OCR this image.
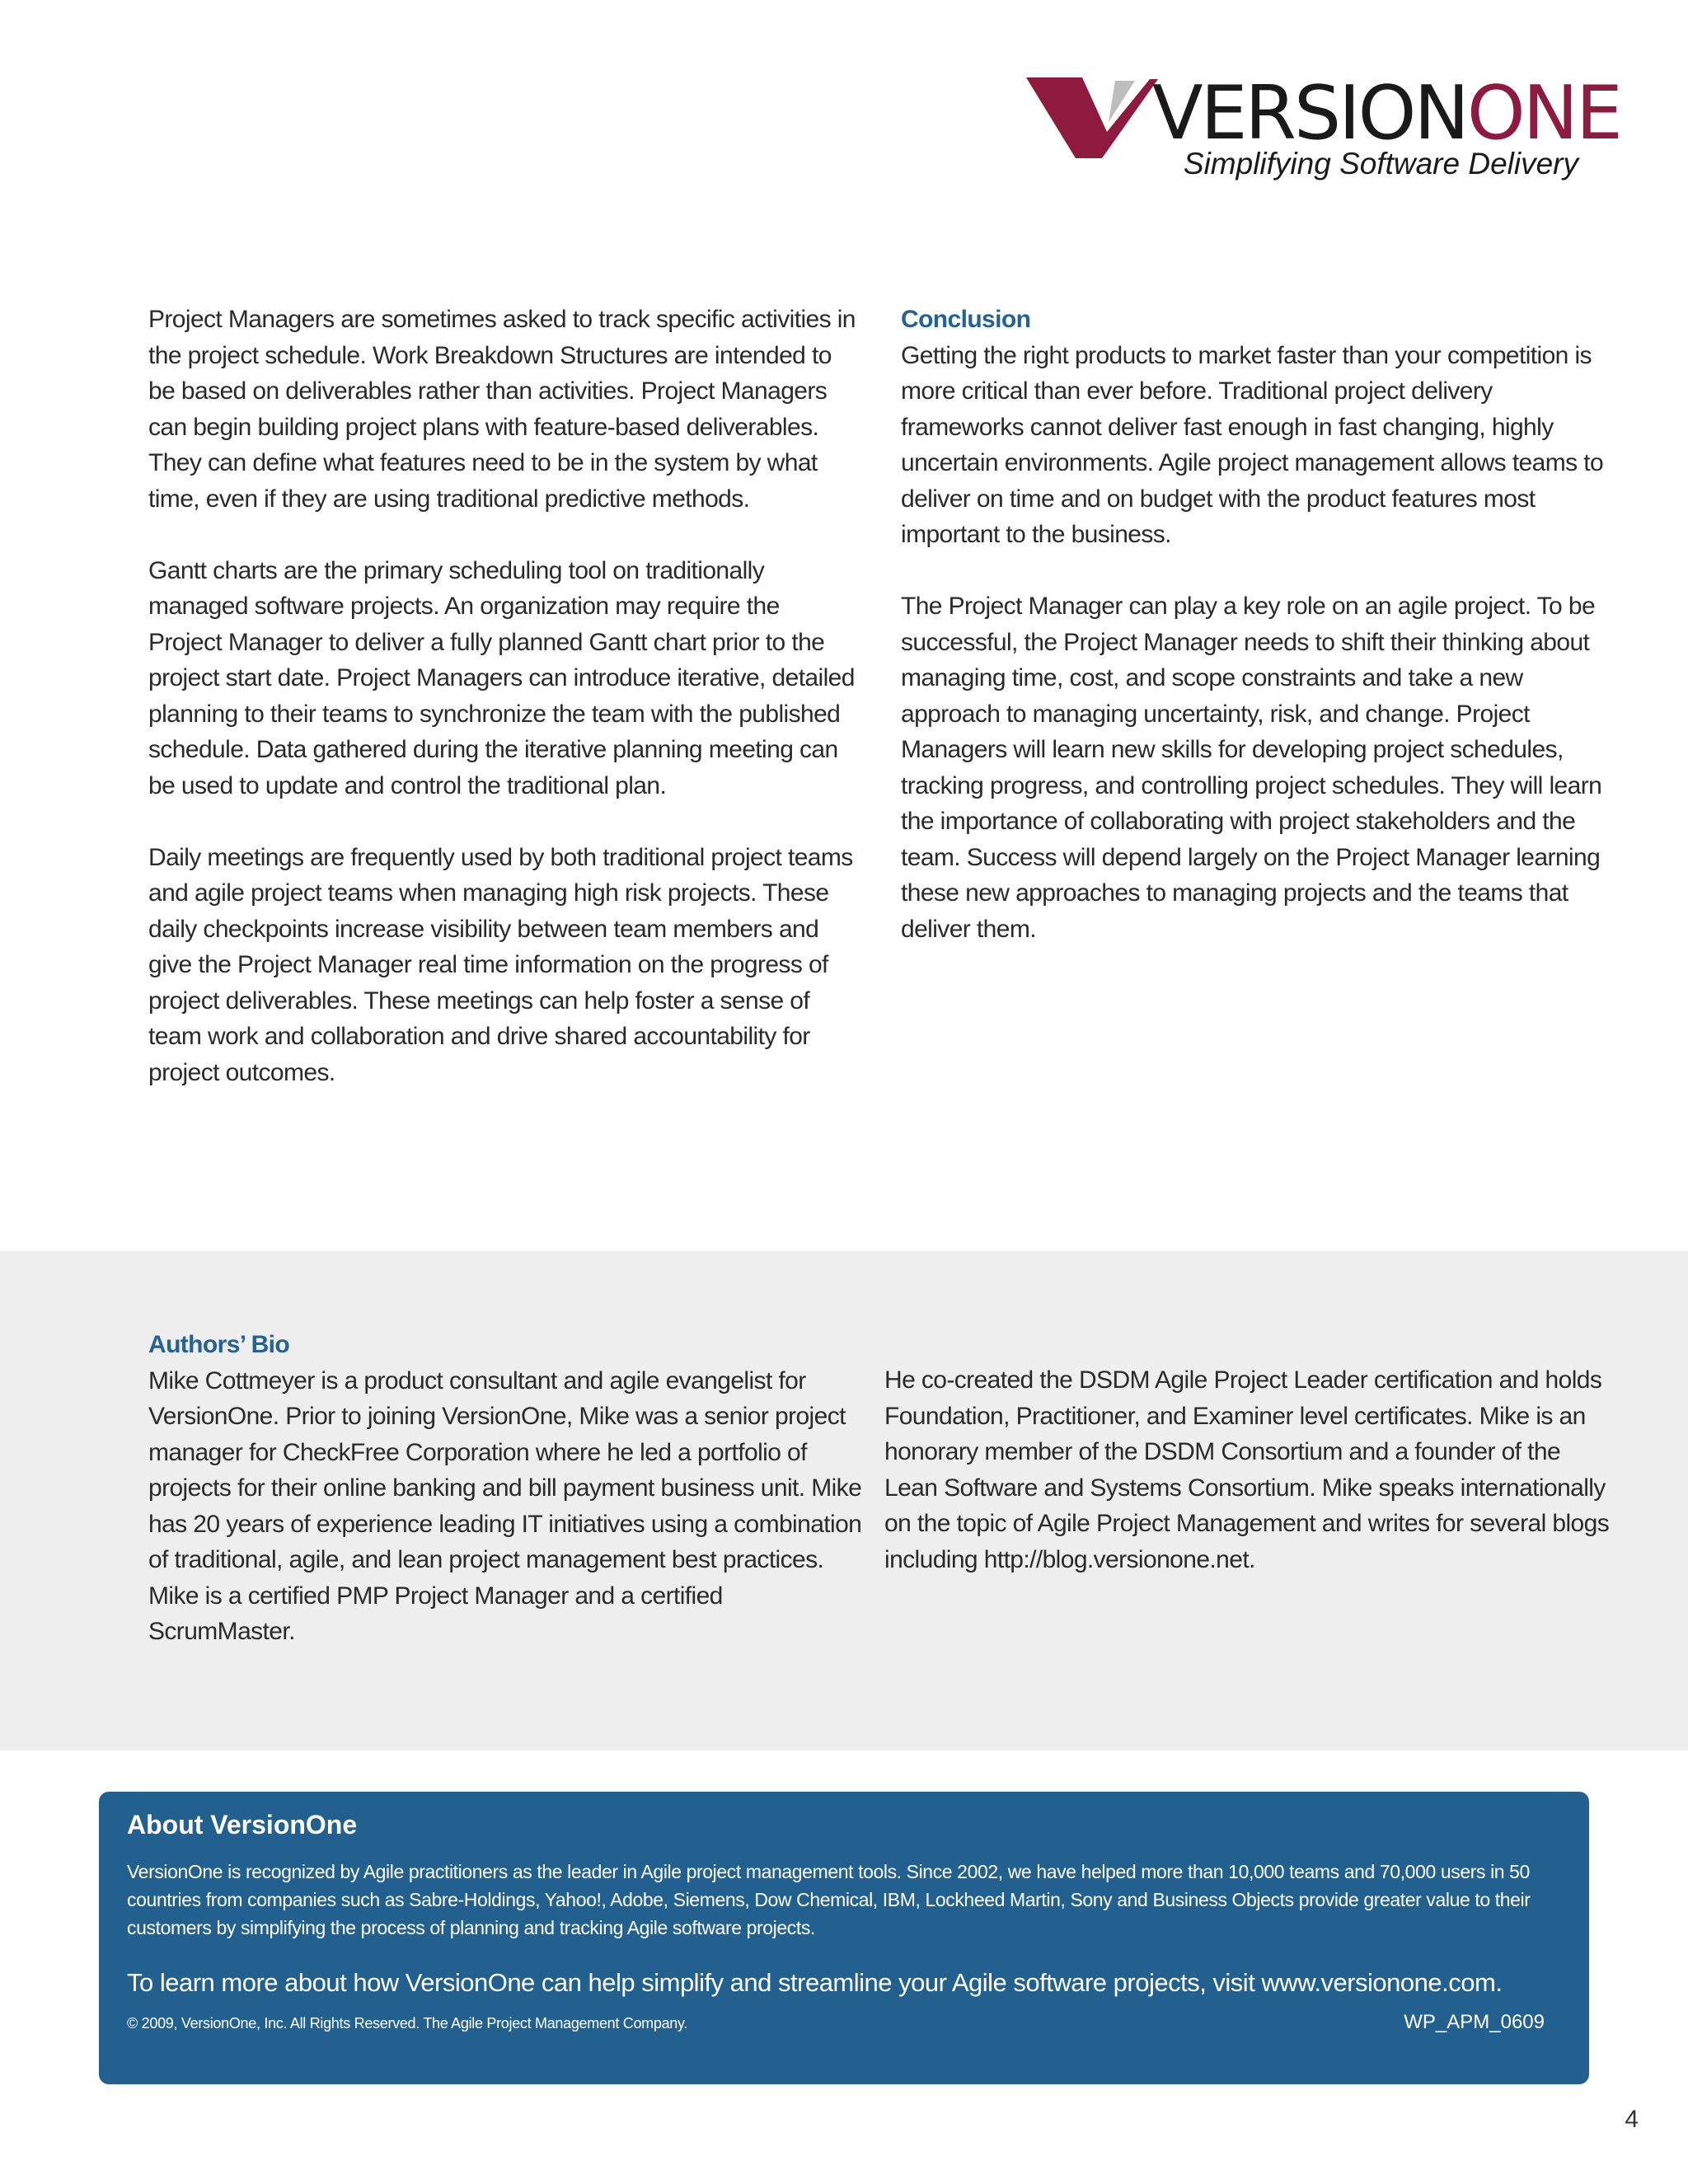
VERSIONONE
Simplifying Software Delivery

Project Managers are sometimes asked to track specific activities in the project schedule. Work Breakdown Structures are intended to be based on deliverables rather than activities. Project Managers can begin building project plans with feature-based deliverables. They can define what features need to be in the system by what time, even if they are using traditional predictive methods.

Gantt charts are the primary scheduling tool on traditionally managed software projects. An organization may require the Project Manager to deliver a fully planned Gantt chart prior to the project start date. Project Managers can introduce iterative, detailed planning to their teams to synchronize the team with the published schedule. Data gathered during the iterative planning meeting can be used to update and control the traditional plan.

Daily meetings are frequently used by both traditional project teams and agile project teams when managing high risk projects. These daily checkpoints increase visibility between team members and give the Project Manager real time information on the progress of project deliverables. These meetings can help foster a sense of team work and collaboration and drive shared accountability for project outcomes.

Conclusion

Getting the right products to market faster than your competition is more critical than ever before. Traditional project delivery frameworks cannot deliver fast enough in fast changing, highly uncertain environments. Agile project management allows teams to deliver on time and on budget with the product features most important to the business.

The Project Manager can play a key role on an agile project. To be successful, the Project Manager needs to shift their thinking about managing time, cost, and scope constraints and take a new approach to managing uncertainty, risk, and change. Project Managers will learn new skills for developing project schedules, tracking progress, and controlling project schedules. They will learn the importance of collaborating with project stakeholders and the team. Success will depend largely on the Project Manager learning these new approaches to managing projects and the teams that deliver them.

Authors’ Bio

Mike Cottmeyer is a product consultant and agile evangelist for VersionOne. Prior to joining VersionOne, Mike was a senior project manager for CheckFree Corporation where he led a portfolio of projects for their online banking and bill payment business unit. Mike has 20 years of experience leading IT initiatives using a combination of traditional, agile, and lean project management best practices. Mike is a certified PMP Project Manager and a certified ScrumMaster.

He co-created the DSDM Agile Project Leader certification and holds Foundation, Practitioner, and Examiner level certificates. Mike is an honorary member of the DSDM Consortium and a founder of the Lean Software and Systems Consortium. Mike speaks internationally on the topic of Agile Project Management and writes for several blogs including http://blog.versionone.net.

About VersionOne
VersionOne is recognized by Agile practitioners as the leader in Agile project management tools. Since 2002, we have helped more than 10,000 teams and 70,000 users in 50 countries from companies such as Sabre-Holdings, Yahoo!, Adobe, Siemens, Dow Chemical, IBM, Lockheed Martin, Sony and Business Objects provide greater value to their customers by simplifying the process of planning and tracking Agile software projects.
To learn more about how VersionOne can help simplify and streamline your Agile software projects, visit www.versionone.com.
© 2009, VersionOne, Inc. All Rights Reserved. The Agile Project Management Company.	WP_APM_0609
4
